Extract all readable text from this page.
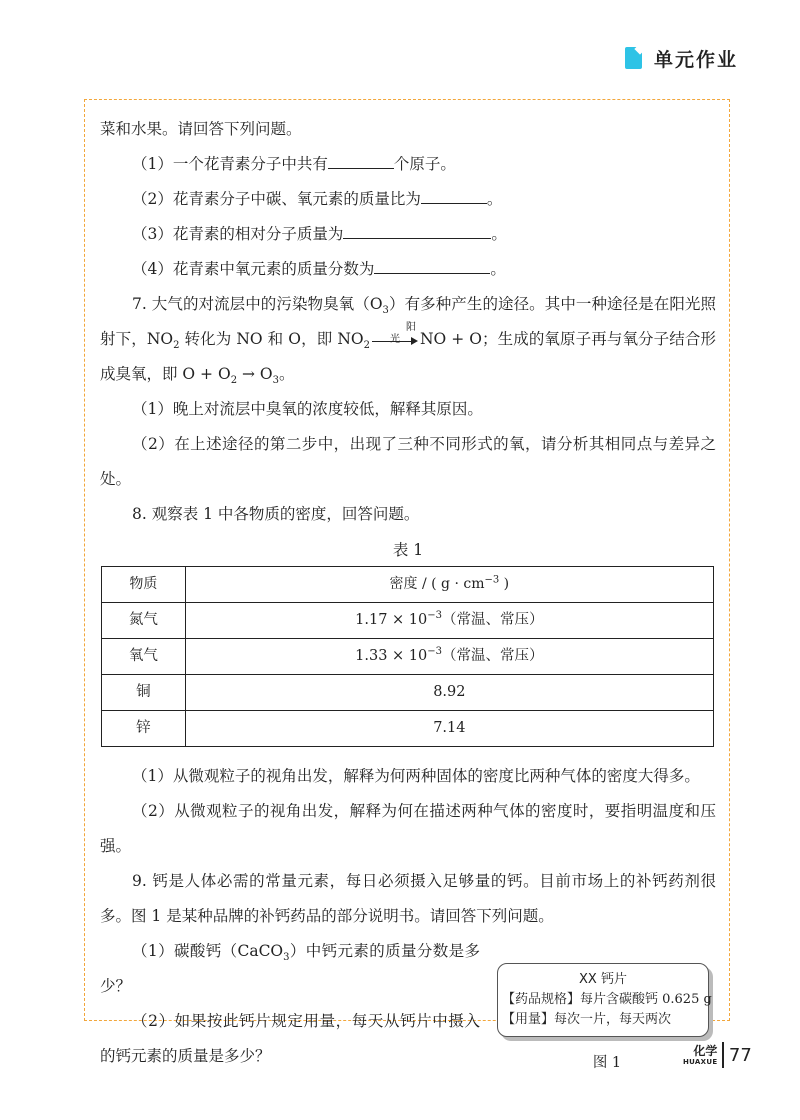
单元作业

菜和水果。请回答下列问题。

（1）一个花青素分子中共有	个原子。

（2）花青素分子中碳、氧元素的质量比为	。

（3）花青素的相对分子质量为	。

（4）花青素中氧元素的质量分数为	。

7. 大气的对流层中的污染物臭氧$(O_3)$有多种产生的途径。其中一种途径是在阳光照射下，$NO_2$ 转化为 NO 和 O，即 $NO_2$
阳光	NO + O；生成的氧原子再与氧分子结合形成臭氧，即 $O + O_2 \to O_3$。

（1）晚上对流层中臭氧的浓度较低，解释其原因。

（2）在上述途径的第二步中，出现了三种不同形式的氧，请分析其相同点与差异之处。

8. 观察表 1 中各物质的密度，回答问题。

表 1
物质	密度 / ( $g \cdot cm^{-3}$ )
氮气	$1.17 \times 10^{-3}$（常温、常压）
氧气	$1.33 \times 10^{-3}$（常温、常压）
铜	8.92
锌	7.14

（1）从微观粒子的视角出发，解释为何两种固体的密度比两种气体的密度大得多。

（2）从微观粒子的视角出发，解释为何在描述两种气体的密度时，要指明温度和压强。

9. 钙是人体必需的常量元素，每日必须摄入足够量的钙。目前市场上的补钙药剂很多。图 1 是某种品牌的补钙药品的部分说明书。请回答下列问题。

（1）碳酸钙（CaCO$_3$）中钙元素的质量分数是多少？

（2）如果按此钙片规定用量，每天从钙片中摄入的钙元素的质量是多少？

XX 钙片
【药品规格】每片含碳酸钙 0.625 g
【用量】每次一片，每天两次
图 1
化学
HUAXUE 77
